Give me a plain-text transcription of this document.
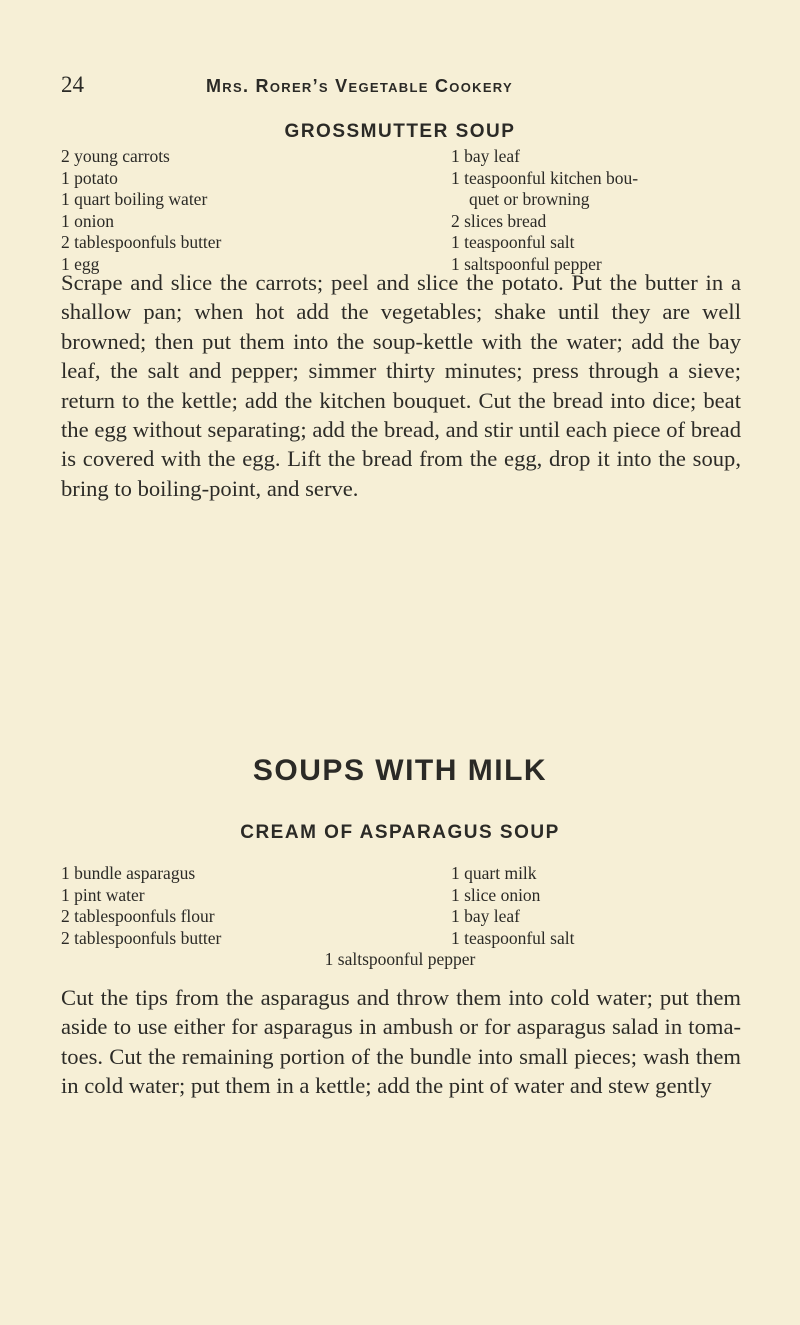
24	Mrs. Rorer’s Vegetable Cookery
GROSSMUTTER SOUP
2 young carrots
1 potato
1 quart boiling water
1 onion
2 tablespoonfuls butter
1 egg
1 bay leaf
1 teaspoonful kitchen bou-
quet or browning
2 slices bread
1 teaspoonful salt
1 saltspoonful pepper

Scrape and slice the carrots; peel and slice the potato. Put the butter in a shallow pan; when hot add the vegetables; shake until they are well browned; then put them into the soup-kettle with the water; add the bay leaf, the salt and pepper; simmer thirty minutes; press through a sieve; return to the kettle; add the kitchen bouquet. Cut the bread into dice; beat the egg without separating; add the bread, and stir until each piece of bread is covered with the egg. Lift the bread from the egg, drop it into the soup, bring to boiling-point, and serve.

SOUPS WITH MILK
CREAM OF ASPARAGUS SOUP
1 bundle asparagus
1 pint water
2 tablespoonfuls flour
2 tablespoonfuls butter
1 quart milk
1 slice onion
1 bay leaf
1 teaspoonful salt
1 saltspoonful pepper

Cut the tips from the asparagus and throw them into cold water; put them aside to use either for asparagus in ambush or for asparagus salad in toma-toes. Cut the remaining portion of the bundle into small pieces; wash them in cold water; put them in a kettle; add the pint of water and stew gently
